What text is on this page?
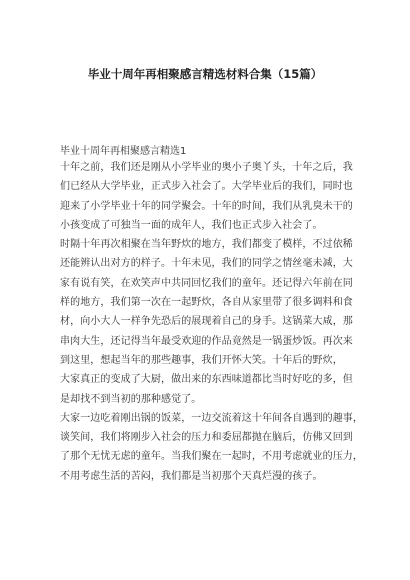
毕业十周年再相聚感言精选材料合集（15篇）
毕业十周年再相聚感言精选1
十年之前，我们还是刚从小学毕业的奥小子奥丫头，十年之后，我
们已经从大学毕业，正式步入社会了。大学毕业后的我们，同时也
迎来了小学毕业十年的同学聚会。十年的时间，我们从乳臭未干的
小孩变成了可独当一面的成年人，我们也正式步入社会了。
时隔十年再次相聚在当年野炊的地方，我们都变了模样，不过依稀
还能辨认出对方的样子。十年未见，我们的同学之情丝毫未减，大
家有说有笑，在欢笑声中共同回忆我们的童年。还记得六年前在同
样的地方，我们第一次在一起野炊，各自从家里带了很多调料和食
材，向小大人一样争先恐后的展现着自己的身手。这锅菜大咸，那
串肉大生，还记得当年最受欢迎的作品竟然是一锅蛋炒饭。再次来
到这里，想起当年的那些趣事，我们开怀大笑。十年后的野炊，
大家真正的变成了大厨，做出来的东西味道都比当时好吃的多，但
是却找不到当初的那种感觉了。
大家一边吃着刚出锅的饭菜，一边交流着这十年间各自遇到的趣事，
谈笑间，我们将刚步入社会的压力和委屈都抛在脑后，仿佛又回到
了那个无忧无虑的童年。当我们聚在一起时，不用考虑就业的压力，
不用考虑生活的苦闷，我们都是当初那个天真烂漫的孩子。
